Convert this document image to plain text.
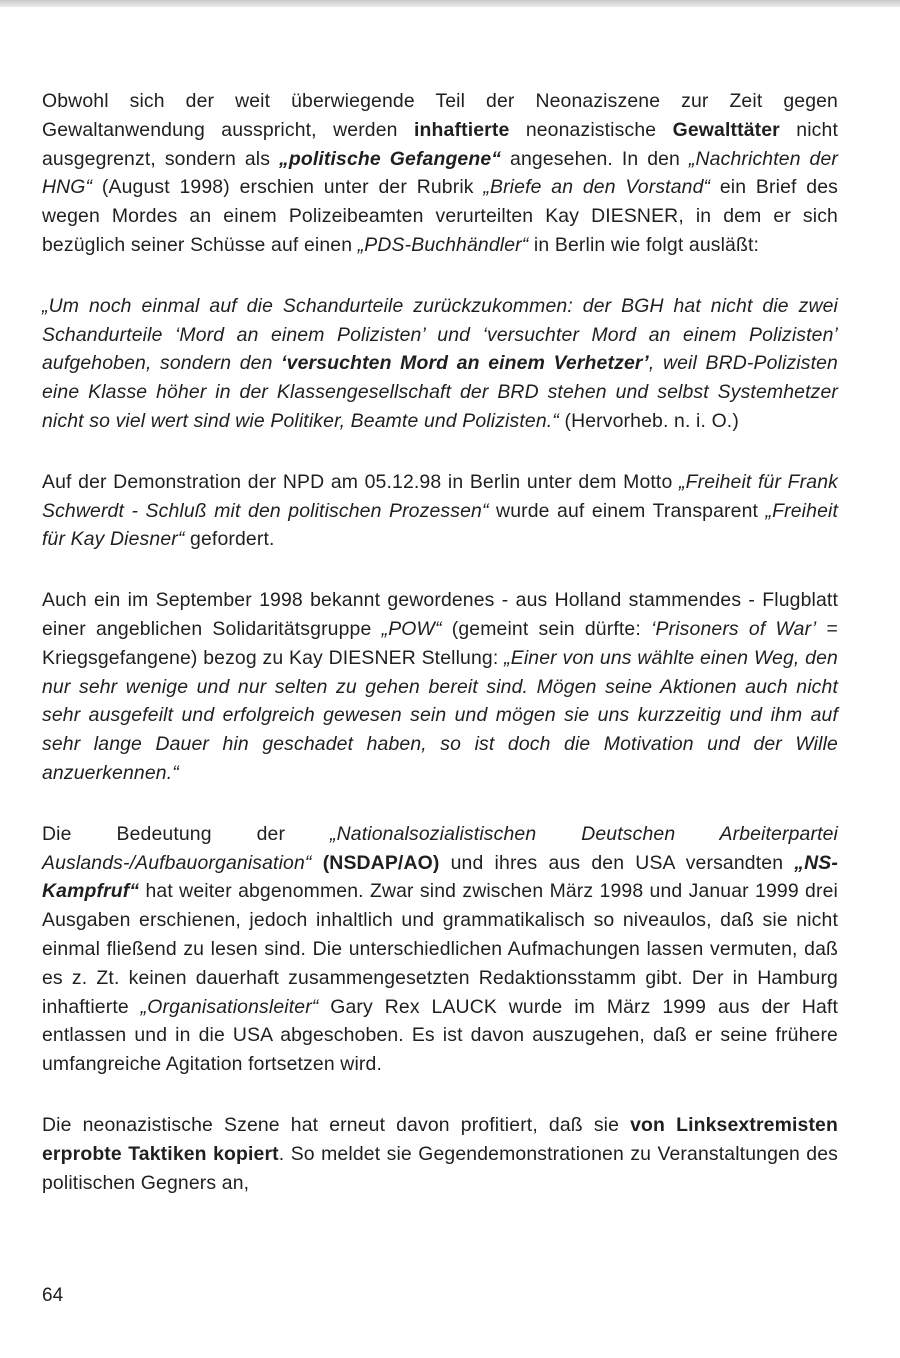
Obwohl sich der weit überwiegende Teil der Neonaziszene zur Zeit gegen Gewaltanwendung ausspricht, werden inhaftierte neonazistische Gewalttäter nicht ausgegrenzt, sondern als „politische Gefangene“ angesehen. In den „Nachrichten der HNG“ (August 1998) erschien unter der Rubrik „Briefe an den Vorstand“ ein Brief des wegen Mordes an einem Polizeibeamten verurteilten Kay DIESNER, in dem er sich bezüglich seiner Schüsse auf einen „PDS-Buchhändler“ in Berlin wie folgt ausläßt:

„Um noch einmal auf die Schandurteile zurückzukommen: der BGH hat nicht die zwei Schandurteile ‘Mord an einem Polizisten’ und ‘versuchter Mord an einem Polizisten’ aufgehoben, sondern den ‘versuchten Mord an einem Verhetzer’, weil BRD-Polizisten eine Klasse höher in der Klassengesellschaft der BRD stehen und selbst Systemhetzer nicht so viel wert sind wie Politiker, Beamte und Polizisten.“ (Hervorheb. n. i. O.)

Auf der Demonstration der NPD am 05.12.98 in Berlin unter dem Motto „Freiheit für Frank Schwerdt - Schluß mit den politischen Prozessen“ wurde auf einem Transparent „Freiheit für Kay Diesner“ gefordert.

Auch ein im September 1998 bekannt gewordenes - aus Holland stammendes - Flugblatt einer angeblichen Solidaritätsgruppe „POW“ (gemeint sein dürfte: ‘Prisoners of War’ = Kriegsgefangene) bezog zu Kay DIESNER Stellung: „Einer von uns wählte einen Weg, den nur sehr wenige und nur selten zu gehen bereit sind. Mögen seine Aktionen auch nicht sehr ausgefeilt und erfolgreich gewesen sein und mögen sie uns kurzzeitig und ihm auf sehr lange Dauer hin geschadet haben, so ist doch die Motivation und der Wille anzuerkennen.“

Die Bedeutung der „Nationalsozialistischen Deutschen Arbeiterpartei Auslands-/Aufbauorganisation“ (NSDAP/AO) und ihres aus den USA versandten „NS-Kampfruf“ hat weiter abgenommen. Zwar sind zwischen März 1998 und Januar 1999 drei Ausgaben erschienen, jedoch inhaltlich und grammatikalisch so niveaulos, daß sie nicht einmal fließend zu lesen sind. Die unterschiedlichen Aufmachungen lassen vermuten, daß es z. Zt. keinen dauerhaft zusammengesetzten Redaktionsstamm gibt. Der in Hamburg inhaftierte „Organisationsleiter“ Gary Rex LAUCK wurde im März 1999 aus der Haft entlassen und in die USA abgeschoben. Es ist davon auszugehen, daß er seine frühere umfangreiche Agitation fortsetzen wird.

Die neonazistische Szene hat erneut davon profitiert, daß sie von Linksextremisten erprobte Taktiken kopiert. So meldet sie Gegendemonstrationen zu Veranstaltungen des politischen Gegners an,

64
